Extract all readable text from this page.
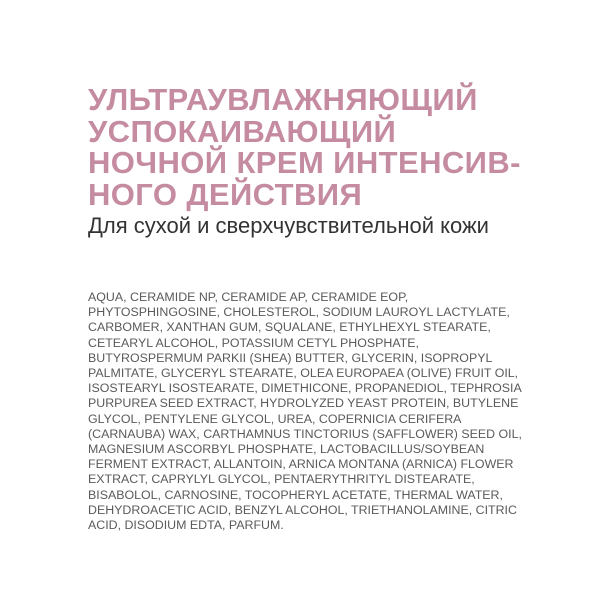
УЛЬТРАУВЛАЖНЯЮЩИЙ
УСПОКАИВАЮЩИЙ
НОЧНОЙ КРЕМ ИНТЕНСИВ-
НОГО ДЕЙСТВИЯ

Для сухой и сверхчувствительной кожи

AQUA, CERAMIDE NP, CERAMIDE AP, CERAMIDE EOP,
PHYTOSPHINGOSINE, CHOLESTEROL, SODIUM LAUROYL LACTYLATE,
CARBOMER, XANTHAN GUM, SQUALANE, ETHYLHEXYL STEARATE,
CETEARYL ALCOHOL, POTASSIUM CETYL PHOSPHATE,
BUTYROSPERMUM PARKII (SHEA) BUTTER, GLYCERIN, ISOPROPYL
PALMITATE, GLYCERYL STEARATE, OLEA EUROPAEA (OLIVE) FRUIT OIL,
ISOSTEARYL ISOSTEARATE, DIMETHICONE, PROPANEDIOL, TEPHROSIA
PURPUREA SEED EXTRACT, HYDROLYZED YEAST PROTEIN, BUTYLENE
GLYCOL, PENTYLENE GLYCOL, UREA, COPERNICIA CERIFERA
(CARNAUBA) WAX, CARTHAMNUS TINCTORIUS (SAFFLOWER) SEED OIL,
MAGNESIUM ASCORBYL PHOSPHATE, LACTOBACILLUS/SOYBEAN
FERMENT EXTRACT, ALLANTOIN, ARNICA MONTANA (ARNICA) FLOWER
EXTRACT, CAPRYLYL GLYCOL, PENTAERYTHRITYL DISTEARATE,
BISABOLOL, CARNOSINE, TOCOPHERYL ACETATE, THERMAL WATER,
DEHYDROACETIC ACID, BENZYL ALCOHOL, TRIETHANOLAMINE, CITRIC
ACID, DISODIUM EDTA, PARFUM.
